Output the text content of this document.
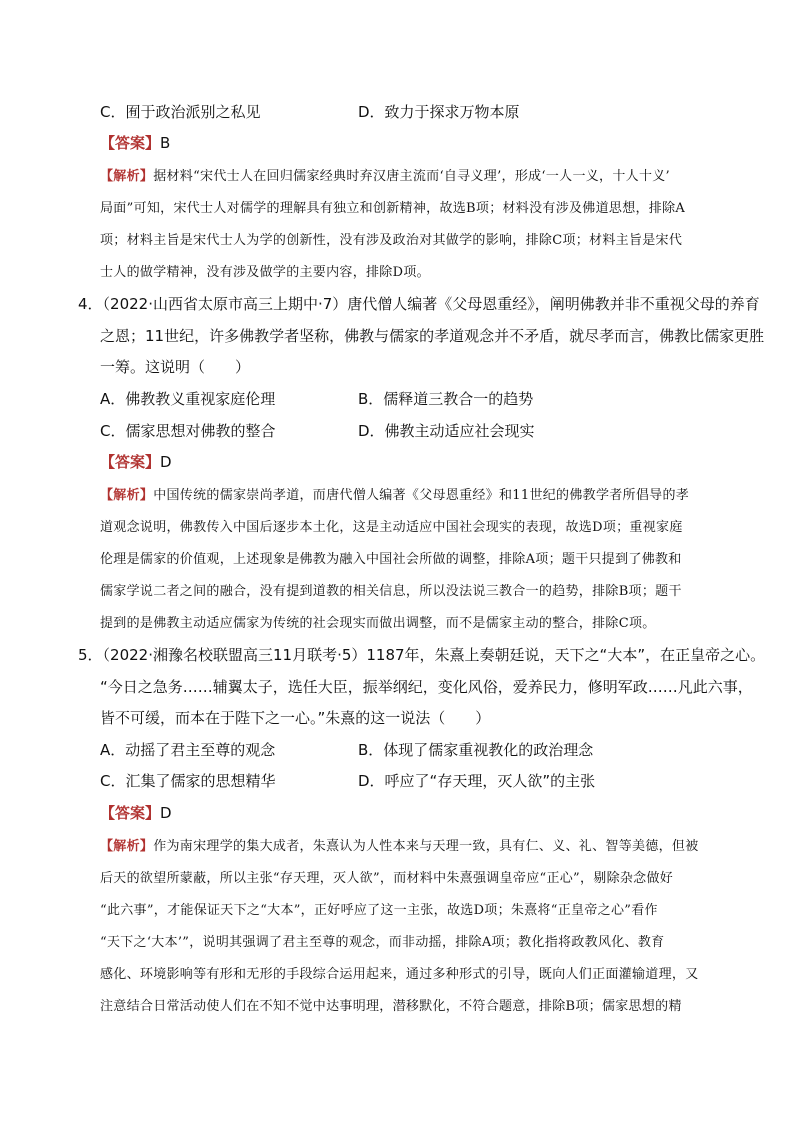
C．囿于政治派别之私见	D．致力于探求万物本原
【答案】B
【解析】据材料“宋代士人在回归儒家经典时弃汉唐主流而‘自寻义理’，形成‘一人一义，十人十义’
局面”可知，宋代士人对儒学的理解具有独立和创新精神，故选B项；材料没有涉及佛道思想，排除A
项；材料主旨是宋代士人为学的创新性，没有涉及政治对其做学的影响，排除C项；材料主旨是宋代
士人的做学精神，没有涉及做学的主要内容，排除D项。
4．（2022·山西省太原市高三上期中·7）唐代僧人编著《父母恩重经》，阐明佛教并非不重视父母的养育
之恩；11世纪，许多佛教学者坚称，佛教与儒家的孝道观念并不矛盾，就尽孝而言，佛教比儒家更胜
一筹。这说明（　　）
A．佛教教义重视家庭伦理	B．儒释道三教合一的趋势
C．儒家思想对佛教的整合	D．佛教主动适应社会现实
【答案】D
【解析】中国传统的儒家崇尚孝道，而唐代僧人编著《父母恩重经》和11世纪的佛教学者所倡导的孝
道观念说明，佛教传入中国后逐步本土化，这是主动适应中国社会现实的表现，故选D项；重视家庭
伦理是儒家的价值观，上述现象是佛教为融入中国社会所做的调整，排除A项；题干只提到了佛教和
儒家学说二者之间的融合，没有提到道教的相关信息，所以没法说三教合一的趋势，排除B项；题干
提到的是佛教主动适应儒家为传统的社会现实而做出调整，而不是儒家主动的整合，排除C项。
5．（2022·湘豫名校联盟高三11月联考·5）1187年，朱熹上奏朝廷说，天下之“大本”，在正皇帝之心。
“今日之急务……辅翼太子，选任大臣，振举纲纪，变化风俗，爱养民力，修明军政……凡此六事，
皆不可缓，而本在于陛下之一心。”朱熹的这一说法（　　）
A．动摇了君主至尊的观念	B．体现了儒家重视教化的政治理念
C．汇集了儒家的思想精华	D．呼应了“存天理，灭人欲”的主张
【答案】D
【解析】作为南宋理学的集大成者，朱熹认为人性本来与天理一致，具有仁、义、礼、智等美德，但被
后天的欲望所蒙蔽，所以主张“存天理，灭人欲”，而材料中朱熹强调皇帝应“正心”，剔除杂念做好
“此六事”，才能保证天下之“大本”，正好呼应了这一主张，故选D项；朱熹将“正皇帝之心”看作
“天下之‘大本’”，说明其强调了君主至尊的观念，而非动摇，排除A项；教化指将政教风化、教育
感化、环境影响等有形和无形的手段综合运用起来，通过多种形式的引导，既向人们正面灌输道理，又
注意结合日常活动使人们在不知不觉中达事明理，潜移默化，不符合题意，排除B项；儒家思想的精
